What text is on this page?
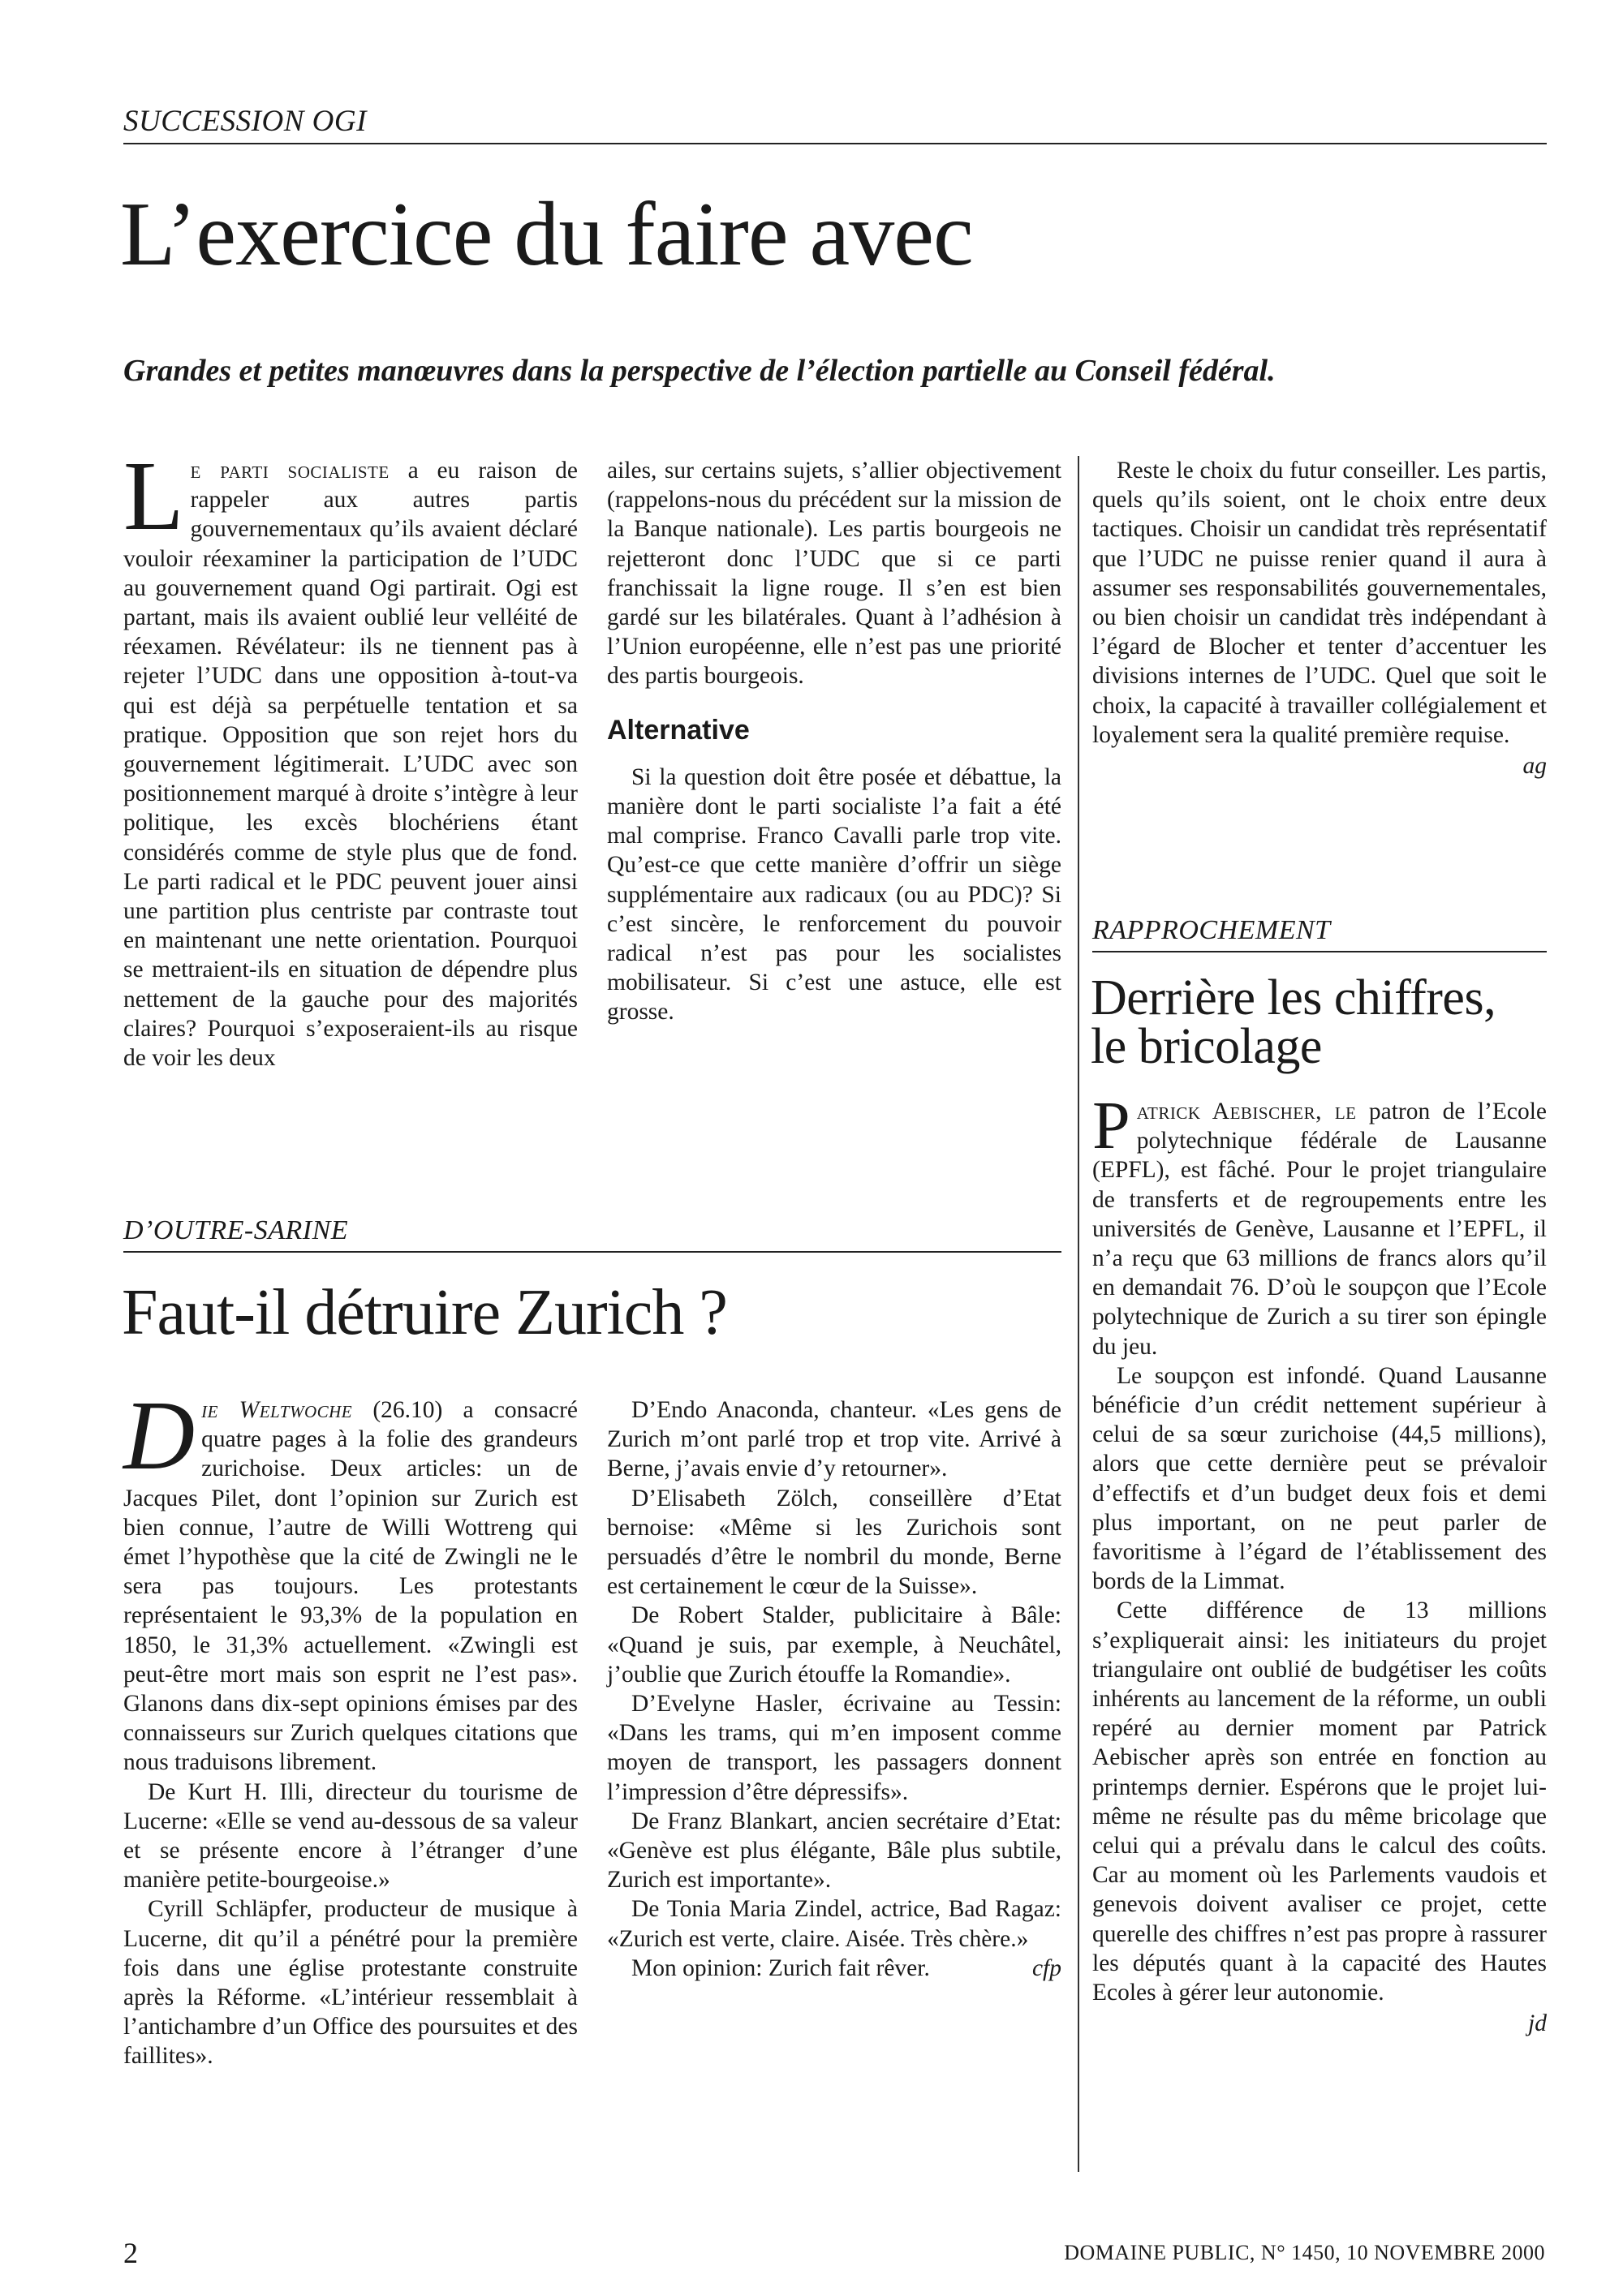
SUCCESSION OGI
L’exercice du faire avec
Grandes et petites manœuvres dans la perspective de l’élection partielle au Conseil fédéral.

Le parti socialiste a eu raison de rappeler aux autres partis gouvernementaux qu’ils avaient déclaré vouloir réexaminer la participation de l’UDC au gouvernement quand Ogi partirait. Ogi est partant, mais ils avaient oublié leur velléité de réexamen. Révélateur: ils ne tiennent pas à rejeter l’UDC dans une opposition à-tout-va qui est déjà sa perpétuelle tentation et sa pratique. Opposition que son rejet hors du gouvernement légitimerait. L’UDC avec son positionnement marqué à droite s’intègre à leur politique, les excès blochériens étant considérés comme de style plus que de fond. Le parti radical et le PDC peuvent jouer ainsi une partition plus centriste par contraste tout en maintenant une nette orientation. Pourquoi se mettraient-ils en situation de dépendre plus nettement de la gauche pour des majorités claires? Pourquoi s’exposeraient-ils au risque de voir les deux

ailes, sur certains sujets, s’allier objectivement (rappelons-nous du précédent sur la mission de la Banque nationale). Les partis bourgeois ne rejetteront donc l’UDC que si ce parti franchissait la ligne rouge. Il s’en est bien gardé sur les bilatérales. Quant à l’adhésion à l’Union européenne, elle n’est pas une priorité des partis bourgeois.

Alternative

Si la question doit être posée et débattue, la manière dont le parti socialiste l’a fait a été mal comprise. Franco Cavalli parle trop vite. Qu’est-ce que cette manière d’offrir un siège supplémentaire aux radicaux (ou au PDC)? Si c’est sincère, le renforcement du pouvoir radical n’est pas pour les socialistes mobilisateur. Si c’est une astuce, elle est grosse.

Reste le choix du futur conseiller. Les partis, quels qu’ils soient, ont le choix entre deux tactiques. Choisir un candidat très représentatif que l’UDC ne puisse renier quand il aura à assumer ses responsabilités gouvernementales, ou bien choisir un candidat très indépendant à l’égard de Blocher et tenter d’accentuer les divisions internes de l’UDC. Quel que soit le choix, la capacité à travailler collégialement et loyalement sera la qualité première requise.

ag
RAPPROCHEMENT
Derrière les chiffres,
le bricolage

Patrick Aebischer, le patron de l’Ecole polytechnique fédérale de Lausanne (EPFL), est fâché. Pour le projet triangulaire de transferts et de regroupements entre les universités de Genève, Lausanne et l’EPFL, il n’a reçu que 63 millions de francs alors qu’il en demandait 76. D’où le soupçon que l’Ecole polytechnique de Zurich a su tirer son épingle du jeu.

Le soupçon est infondé. Quand Lausanne bénéficie d’un crédit nettement supérieur à celui de sa sœur zurichoise (44,5 millions), alors que cette dernière peut se prévaloir d’effectifs et d’un budget deux fois et demi plus important, on ne peut parler de favoritisme à l’égard de l’établissement des bords de la Limmat.

Cette différence de 13 millions s’expliquerait ainsi: les initiateurs du projet triangulaire ont oublié de budgétiser les coûts inhérents au lancement de la réforme, un oubli repéré au dernier moment par Patrick Aebischer après son entrée en fonction au printemps dernier. Espérons que le projet lui-même ne résulte pas du même bricolage que celui qui a prévalu dans le calcul des coûts. Car au moment où les Parlements vaudois et genevois doivent avaliser ce projet, cette querelle des chiffres n’est pas propre à rassurer les députés quant à la capacité des Hautes Ecoles à gérer leur autonomie.

jd
D’OUTRE-SARINE
Faut-il détruire Zurich ?

Die Weltwoche (26.10) a consacré quatre pages à la folie des grandeurs zurichoise. Deux articles: un de Jacques Pilet, dont l’opinion sur Zurich est bien connue, l’autre de Willi Wottreng qui émet l’hypothèse que la cité de Zwingli ne le sera pas toujours. Les protestants représentaient le 93,3% de la population en 1850, le 31,3% actuellement. «Zwingli est peut-être mort mais son esprit ne l’est pas». Glanons dans dix-sept opinions émises par des connaisseurs sur Zurich quelques citations que nous traduisons librement.

De Kurt H. Illi, directeur du tourisme de Lucerne: «Elle se vend au-dessous de sa valeur et se présente encore à l’étranger d’une manière petite-bourgeoise.»

Cyrill Schläpfer, producteur de musique à Lucerne, dit qu’il a pénétré pour la première fois dans une église protestante construite après la Réforme. «L’intérieur ressemblait à l’antichambre d’un Office des poursuites et des faillites».

D’Endo Anaconda, chanteur. «Les gens de Zurich m’ont parlé trop et trop vite. Arrivé à Berne, j’avais envie d’y retourner».

D’Elisabeth Zölch, conseillère d’Etat bernoise: «Même si les Zurichois sont persuadés d’être le nombril du monde, Berne est certainement le cœur de la Suisse».

De Robert Stalder, publicitaire à Bâle: «Quand je suis, par exemple, à Neuchâtel, j’oublie que Zurich étouffe la Romandie».

D’Evelyne Hasler, écrivaine au Tessin: «Dans les trams, qui m’en imposent comme moyen de transport, les passagers donnent l’impression d’être dépressifs».

De Franz Blankart, ancien secrétaire d’Etat: «Genève est plus élégante, Bâle plus subtile, Zurich est importante».

De Tonia Maria Zindel, actrice, Bad Ragaz: «Zurich est verte, claire. Aisée. Très chère.»

Mon opinion: Zurich fait rêver.	cfp

2	DOMAINE PUBLIC, N° 1450, 10 NOVEMBRE 2000
